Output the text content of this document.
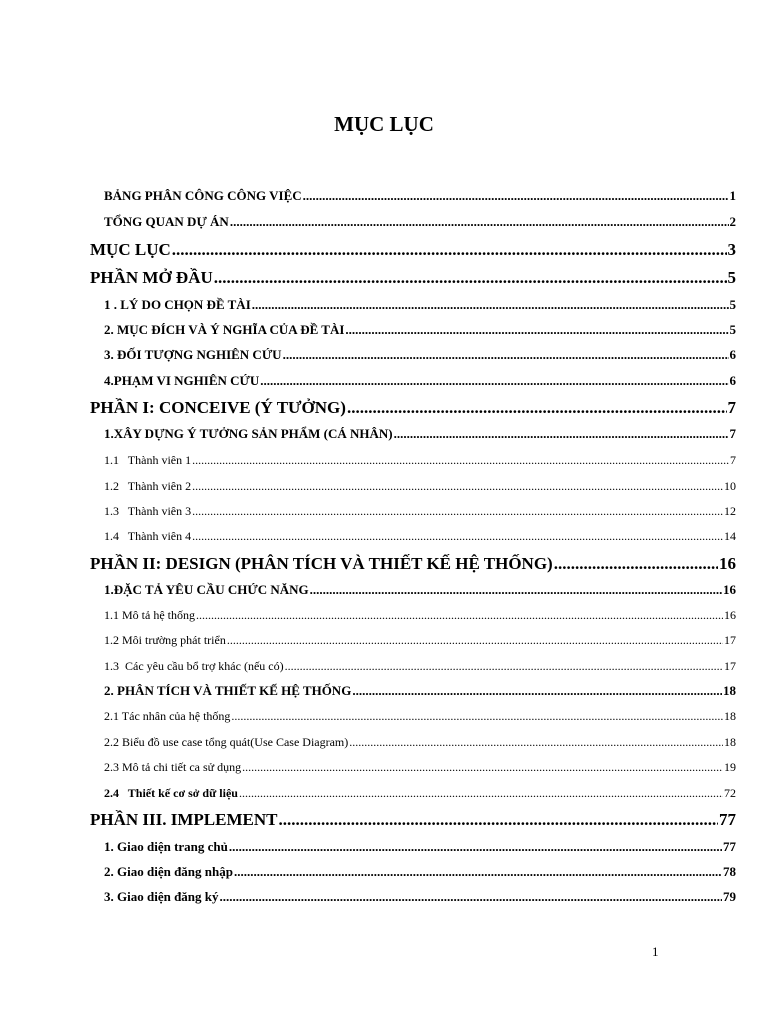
MỤC LỤC
BẢNG PHÂN CÔNG CÔNG VIỆC .....	1
TỔNG QUAN DỰ ÁN .....	2
MỤC LỤC .....	3
PHẦN MỞ ĐẦU .....	5
1 . LÝ DO CHỌN ĐỀ TÀI .....	5
2. MỤC ĐÍCH VÀ Ý NGHĨA CỦA ĐỀ TÀI .....	5
3. ĐỐI TƯỢNG NGHIÊN CỨU .....	6
4.PHẠM VI NGHIÊN CỨU .....	6
PHẦN I: CONCEIVE (Ý TƯỞNG) .....	7
1.XÂY DỰNG Ý TƯỞNG SẢN PHẨM (CÁ NHÂN) .....	7
1.1   Thành viên 1 .....	7
1.2   Thành viên 2 .....	10
1.3   Thành viên 3 .....	12
1.4   Thành viên 4 .....	14
PHẦN II: DESIGN (PHÂN TÍCH VÀ THIẾT KẾ HỆ THỐNG) .....	16
1.ĐẶC TẢ YÊU CẦU CHỨC NĂNG .....	16
1.1 Mô tả hệ thống .....	16
1.2 Môi trường phát triển .....	17
1.3  Các yêu cầu bổ trợ khác (nếu có) .....	17
2. PHÂN TÍCH VÀ THIẾT KẾ HỆ THỐNG .....	18
2.1 Tác nhân của hệ thống .....	18
2.2 Biểu đồ use case tổng quát(Use Case Diagram) .....	18
2.3 Mô tả chi tiết ca sử dụng .....	19
2.4   Thiết kế cơ sở dữ liệu .....	72
PHẦN III. IMPLEMENT .....	77
1. Giao diện trang chủ .....	77
2. Giao diện đăng nhập .....	78
3. Giao diện đăng ký .....	79
1
